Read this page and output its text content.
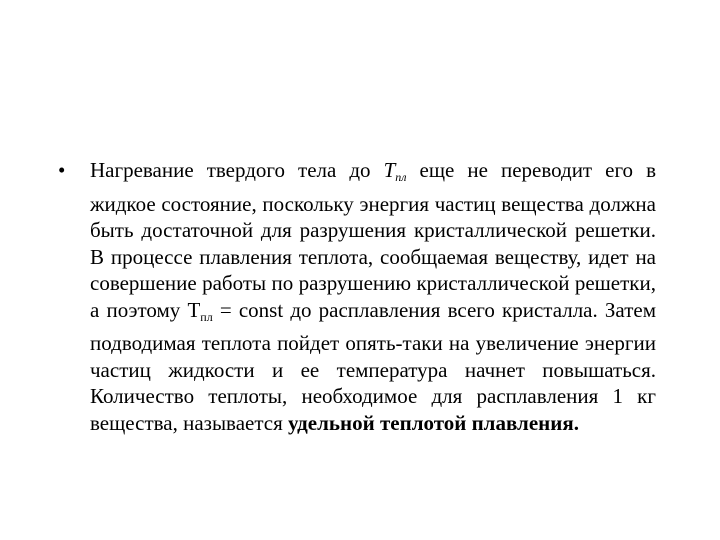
•	Нагревание твердого тела до $T_{пл}$ еще не переводит его в жидкое состояние, поскольку энергия частиц вещества должна быть достаточной для разрушения кристаллической решетки. В процессе плавления теплота, сообщаемая веществу, идет на совершение работы по разрушению кристаллической решетки, а поэтому Тпл = const до расплавления всего кристалла. Затем подводимая теплота пойдет опять-таки на увеличение энергии частиц жидкости и ее температура начнет повышаться. Количество теплоты, необходимое для расплавления 1 кг вещества, называется удельной теплотой плавления.
